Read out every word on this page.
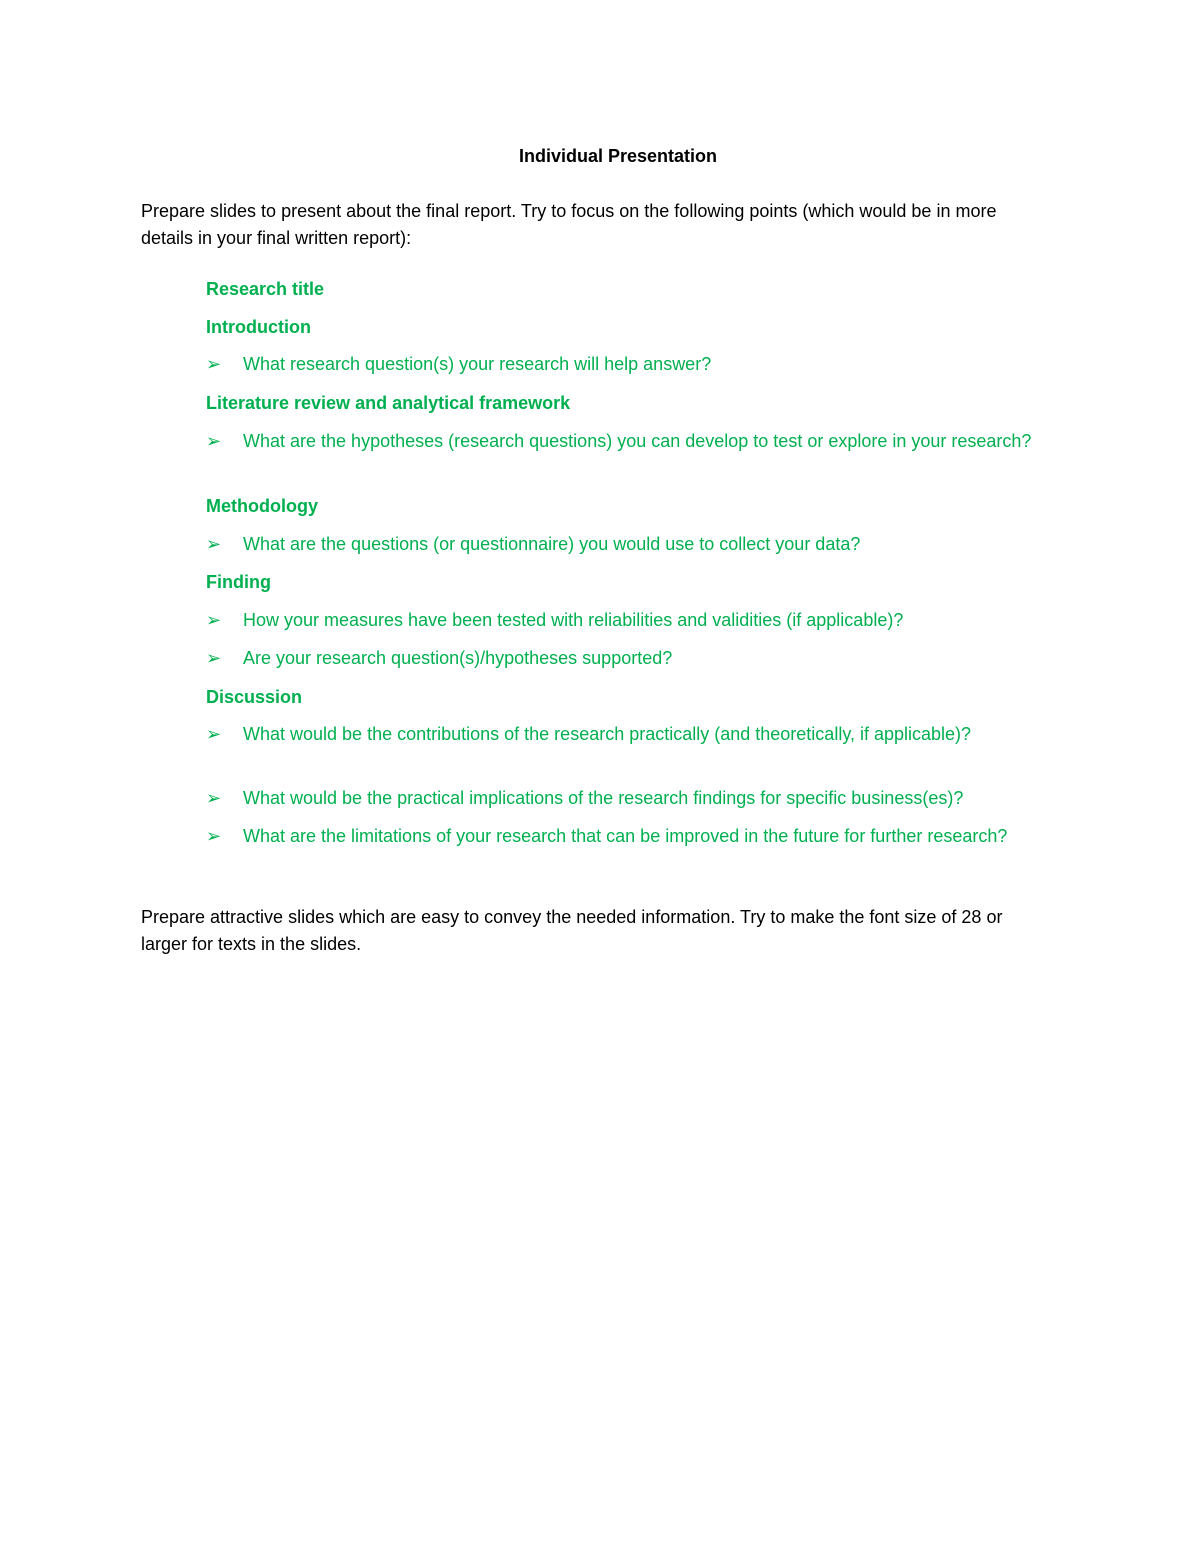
Individual Presentation
Prepare slides to present about the final report. Try to focus on the following points (which would be in more details in your final written report):
Research title
Introduction
➢	What research question(s) your research will help answer?
Literature review and analytical framework
➢	What are the hypotheses (research questions) you can develop to test or explore in your research?
Methodology
➢	What are the questions (or questionnaire) you would use to collect your data?
Finding
➢	How your measures have been tested with reliabilities and validities (if applicable)?
➢	Are your research question(s)/hypotheses supported?
Discussion
➢	What would be the contributions of the research practically (and theoretically, if applicable)?
➢	What would be the practical implications of the research findings for specific business(es)?
➢	What are the limitations of your research that can be improved in the future for further research?
Prepare attractive slides which are easy to convey the needed information. Try to make the font size of 28 or larger for texts in the slides.
